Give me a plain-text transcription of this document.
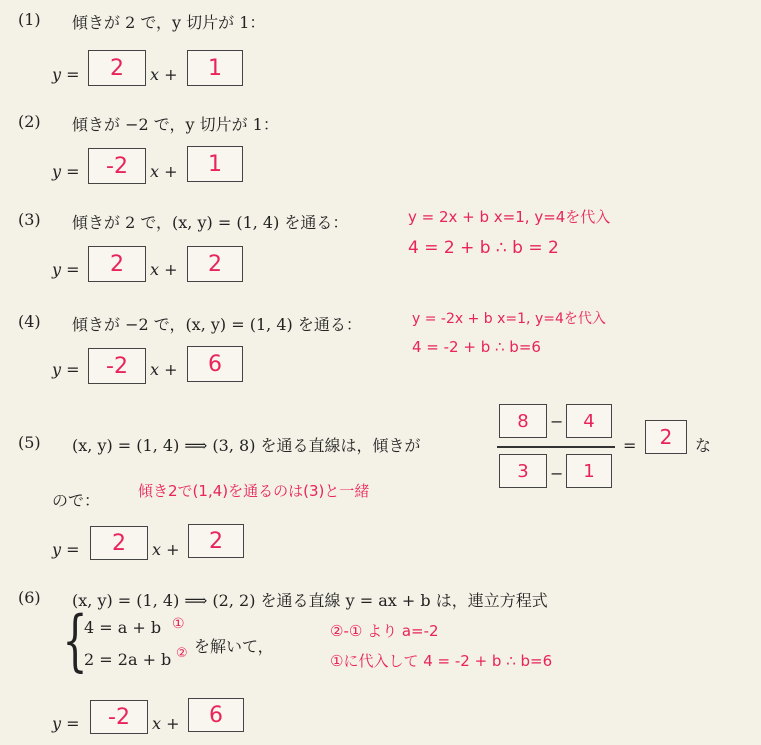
(1) 傾きが 2 で，y 切片が 1：
y =	2	x +	1
(2) 傾きが −2 で，y 切片が 1：
y =	-2	x +	1
(3) 傾きが 2 で，(x, y) = (1, 4) を通る：	y = 2x + b x=1, y=4を代入
4 = 2 + b ∴ b = 2
y =	2	x +	2
(4) 傾きが −2 で，(x, y) = (1, 4) を通る：	y = -2x + b x=1, y=4を代入
4 = -2 + b ∴ b=6
y =	-2	x +	6
(5) (x, y) = (1, 4) ⟹ (3, 8) を通る直線は，傾きが
8	−	4
3	−	1
=	2	な
ので：	傾き2で(1,4)を通るのは(3)と一緒
y =	2	x +	2
(6) (x, y) = (1, 4) ⟹ (2, 2) を通る直線 y = ax + b は，連立方程式
{
4 = a + b ①
2 = 2a + b ② を解いて，
②-① より a=-2
①に代入して 4 = -2 + b ∴ b=6
y =	-2	x +	6
